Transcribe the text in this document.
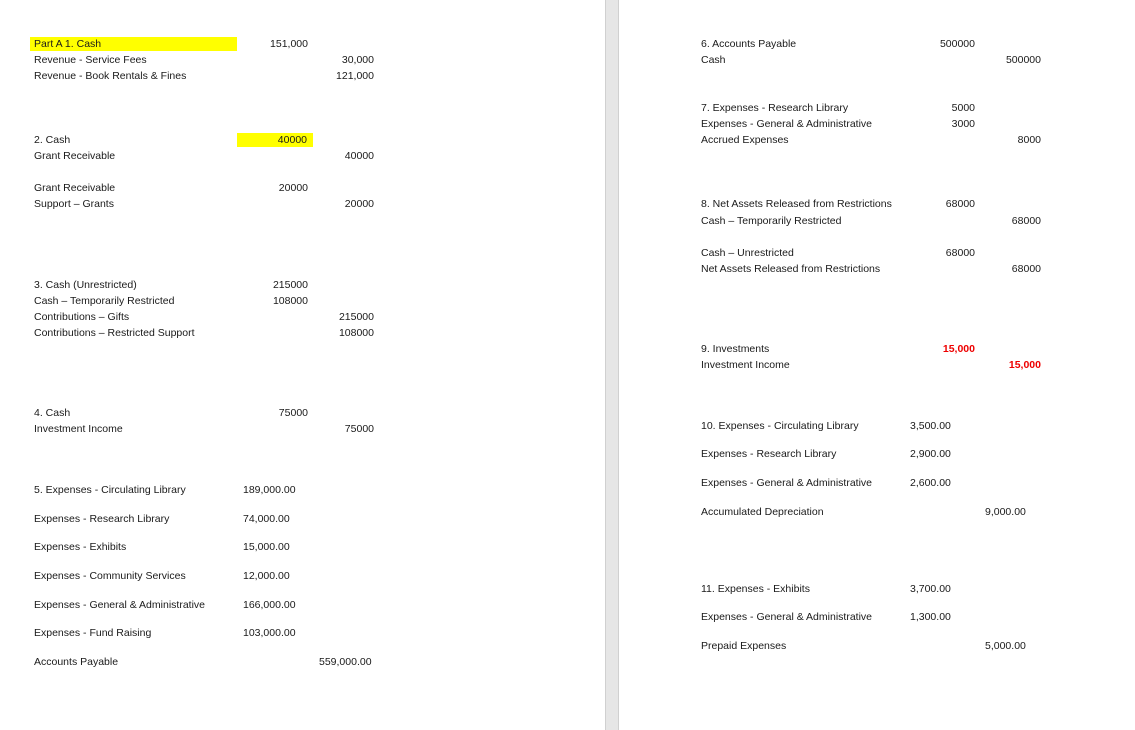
Part A 1. Cash	151,000
Revenue - Service Fees	30,000
Revenue - Book Rentals & Fines	121,000
2. Cash	40000
Grant Receivable	40000
Grant Receivable	20000
Support – Grants	20000
3. Cash (Unrestricted)	215000
Cash – Temporarily Restricted	108000
Contributions – Gifts	215000
Contributions – Restricted Support	108000
4. Cash	75000
Investment Income	75000
5. Expenses - Circulating Library	189,000.00
Expenses - Research Library	74,000.00
Expenses - Exhibits	15,000.00
Expenses - Community Services	12,000.00
Expenses - General & Administrative	166,000.00
Expenses - Fund Raising	103,000.00
Accounts Payable	559,000.00
6. Accounts Payable	500000
Cash	500000
7. Expenses - Research Library	5000
Expenses - General & Administrative	3000
Accrued Expenses	8000
8. Net Assets Released from Restrictions	68000
Cash – Temporarily Restricted	68000
Cash – Unrestricted	68000
Net Assets Released from Restrictions	68000
9. Investments	15,000
Investment Income	15,000
10. Expenses - Circulating Library	3,500.00
Expenses - Research Library	2,900.00
Expenses - General & Administrative	2,600.00
Accumulated Depreciation	9,000.00
11. Expenses - Exhibits	3,700.00
Expenses - General & Administrative	1,300.00
Prepaid Expenses	5,000.00
